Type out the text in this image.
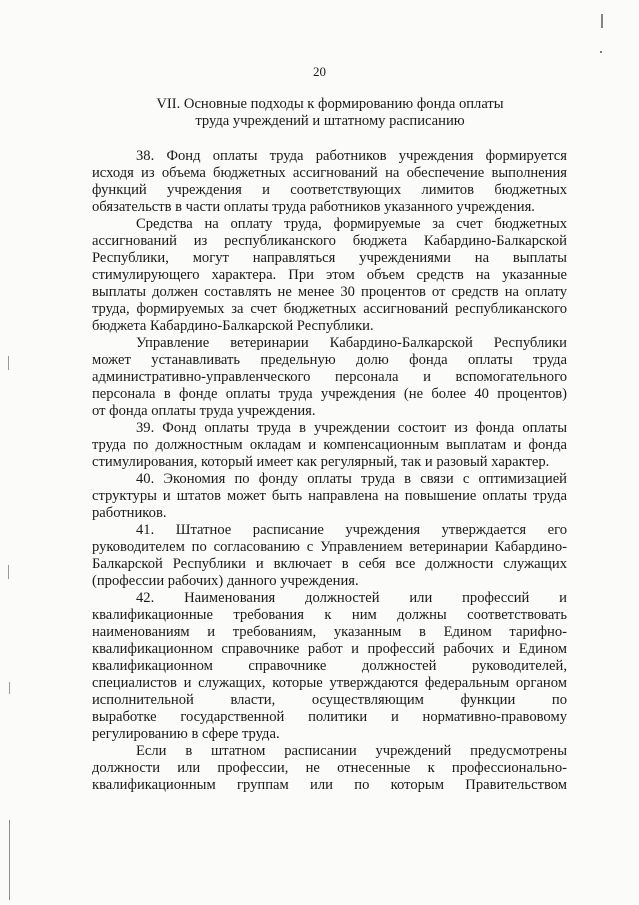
20
VII. Основные подходы к формированию фонда оплаты
труда учреждений и штатному расписанию
38. Фонд оплаты труда работников учреждения формируется
исходя из объема бюджетных ассигнований на обеспечение выполнения
функций учреждения и соответствующих лимитов бюджетных
обязательств в части оплаты труда работников указанного учреждения.
Средства на оплату труда, формируемые за счет бюджетных
ассигнований из республиканского бюджета Кабардино-Балкарской
Республики, могут направляться учреждениями на выплаты
стимулирующего характера. При этом объем средств на указанные
выплаты должен составлять не менее 30 процентов от средств на оплату
труда, формируемых за счет бюджетных ассигнований республиканского
бюджета Кабардино-Балкарской Республики.
Управление ветеринарии Кабардино-Балкарской Республики
может устанавливать предельную долю фонда оплаты труда
административно-управленческого персонала и вспомогательного
персонала в фонде оплаты труда учреждения (не более 40 процентов)
от фонда оплаты труда учреждения.
39. Фонд оплаты труда в учреждении состоит из фонда оплаты
труда по должностным окладам и компенсационным выплатам и фонда
стимулирования, который имеет как регулярный, так и разовый характер.
40. Экономия по фонду оплаты труда в связи с оптимизацией
структуры и штатов может быть направлена на повышение оплаты труда
работников.
41. Штатное расписание учреждения утверждается его
руководителем по согласованию с Управлением ветеринарии Кабардино-
Балкарской Республики и включает в себя все должности служащих
(профессии рабочих) данного учреждения.
42. Наименования должностей или профессий и
квалификационные требования к ним должны соответствовать
наименованиям и требованиям, указанным в Едином тарифно-
квалификационном справочнике работ и профессий рабочих и Едином
квалификационном справочнике должностей руководителей,
специалистов и служащих, которые утверждаются федеральным органом
исполнительной власти, осуществляющим функции по
выработке государственной политики и нормативно-правовому
регулированию в сфере труда.
Если в штатном расписании учреждений предусмотрены
должности или профессии, не отнесенные к профессионально-
квалификационным группам или по которым Правительством
